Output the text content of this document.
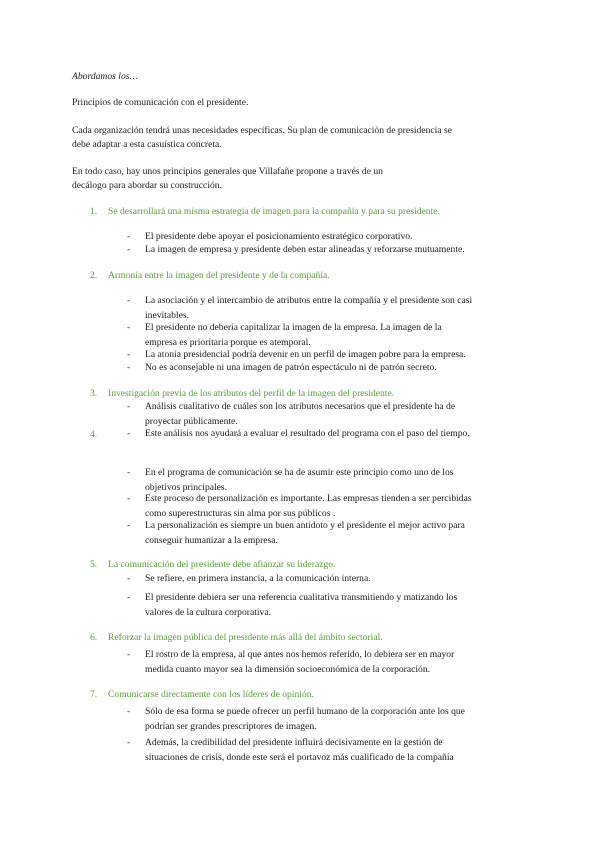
Abordamos los…
Principios de comunicación con el presidente.
Cada organización tendrá unas necesidades específicas. Su plan de comunicación de presidencia se
debe adaptar a esta casuística concreta.
En todo caso, hay unos principios generales que Villafañe propone a través de un
decálogo para abordar su construcción.
1. Se desarrollará una misma estrategia de imagen para la compañía y para su presidente.
- El presidente debe apoyar el posicionamiento estratégico corporativo.
- La imagen de empresa y presidente deben estar alineadas y reforzarse mutuamente.
2. Armonía entre la imagen del presidente y de la compañía.
- La asociación y el intercambio de atributos entre la compañía y el presidente son casi
inevitables.
- El presidente no debería capitalizar la imagen de la empresa. La imagen de la
empresa es prioritaria porque es atemporal.
- La atonía presidencial podría devenir en un perfil de imagen pobre para la empresa.
- No es aconsejable ni una imagen de patrón espectáculo ni de patrón secreto.
3. Investigación previa de los atributos del perfil de la imagen del presidente.
- Análisis cualitativo de cuáles son los atributos necesarios que el presidente ha de
proyectar públicamente.
- Este análisis nos ayudará a evaluar el resultado del programa con el paso del tiempo.
4.
- En el programa de comunicación se ha de asumir este principio como uno de los
objetivos principales.
- Este proceso de personalización es importante. Las empresas tienden a ser percibidas
como superestructuras sin alma por sus públicos .
- La personalización es siempre un buen antídoto y el presidente el mejor activo para
conseguir humanizar a la empresa.
5. La comunicación del presidente debe afianzar su liderazgo.
- Se refiere, en primera instancia, a la comunicación interna.
- El presidente debiera ser una referencia cualitativa transmitiendo y matizando los
valores de la cultura corporativa.
6. Reforzar la imagen pública del presidente más allá del ámbito sectorial.
- El rostro de la empresa, al que antes nos hemos referido, lo debiera ser en mayor
medida cuanto mayor sea la dimensión socioeconómica de la corporación.
7. Comunicarse directamente con los líderes de opinión.
- Sólo de esa forma se puede ofrecer un perfil humano de la corporación ante los que
podrían ser grandes prescriptores de imagen.
- Además, la credibilidad del presidente influirá decisivamente en la gestión de
situaciones de crisis, donde este será el portavoz más cualificado de la compañía
